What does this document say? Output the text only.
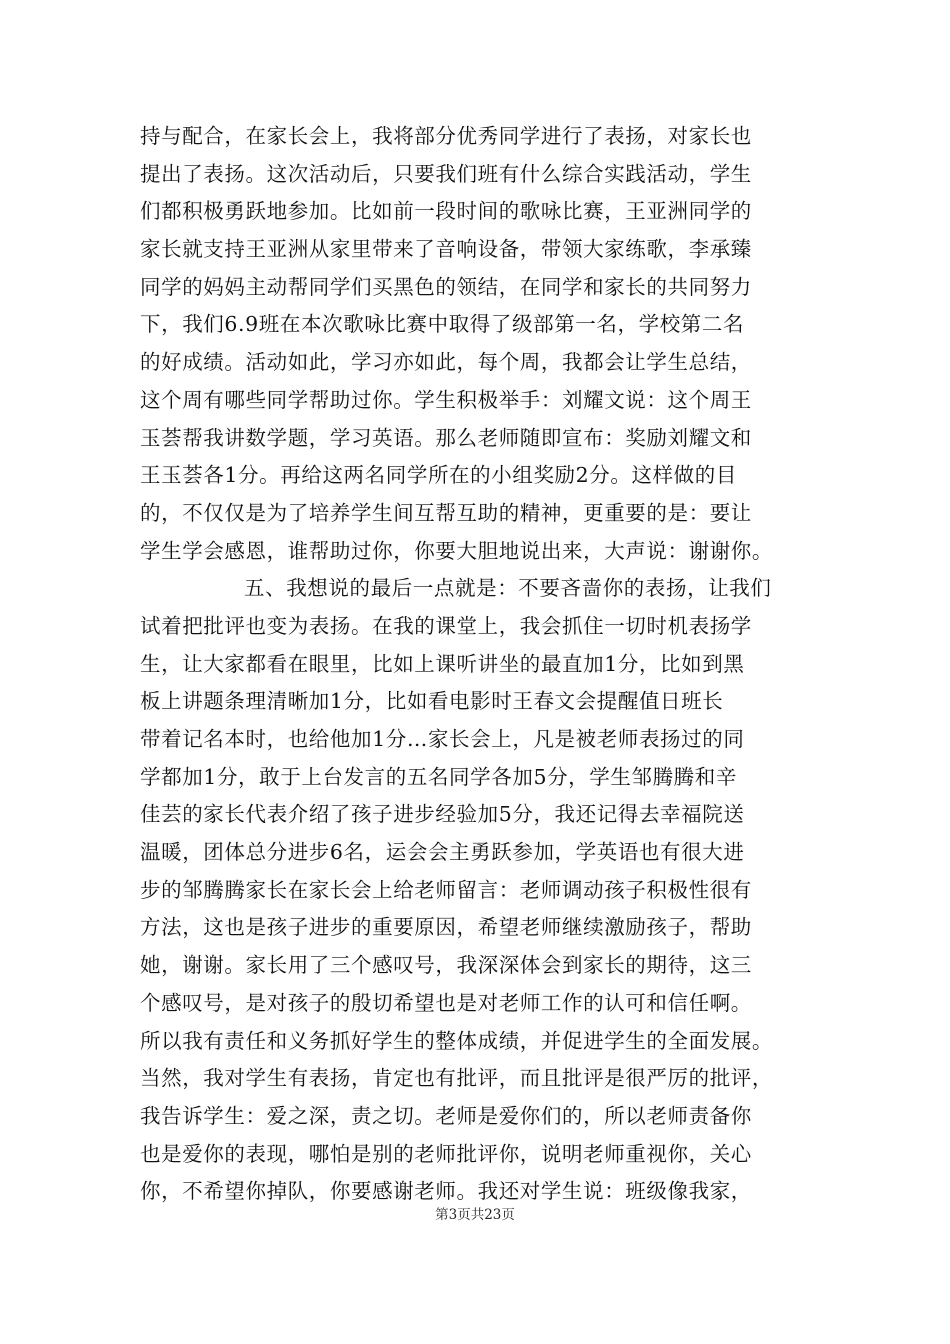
持与配合，在家长会上，我将部分优秀同学进行了表扬，对家长也
提出了表扬。这次活动后，只要我们班有什么综合实践活动，学生
们都积极勇跃地参加。比如前一段时间的歌咏比赛，王亚洲同学的
家长就支持王亚洲从家里带来了音响设备，带领大家练歌，李承臻
同学的妈妈主动帮同学们买黑色的领结，在同学和家长的共同努力
下，我们6.9班在本次歌咏比赛中取得了级部第一名，学校第二名
的好成绩。活动如此，学习亦如此，每个周，我都会让学生总结，
这个周有哪些同学帮助过你。学生积极举手：刘耀文说：这个周王
玉荟帮我讲数学题，学习英语。那么老师随即宣布：奖励刘耀文和
王玉荟各1分。再给这两名同学所在的小组奖励2分。这样做的目
的，不仅仅是为了培养学生间互帮互助的精神，更重要的是：要让
学生学会感恩，谁帮助过你，你要大胆地说出来，大声说：谢谢你。
五、我想说的最后一点就是：不要吝啬你的表扬，让我们
试着把批评也变为表扬。在我的课堂上，我会抓住一切时机表扬学
生，让大家都看在眼里，比如上课听讲坐的最直加1分，比如到黑
板上讲题条理清晰加1分，比如看电影时王春文会提醒值日班长
带着记名本时，也给他加1分…家长会上，凡是被老师表扬过的同
学都加1分，敢于上台发言的五名同学各加5分，学生邹腾腾和辛
佳芸的家长代表介绍了孩子进步经验加5分，我还记得去幸福院送
温暖，团体总分进步6名，运会会主勇跃参加，学英语也有很大进
步的邹腾腾家长在家长会上给老师留言：老师调动孩子积极性很有
方法，这也是孩子进步的重要原因，希望老师继续激励孩子，帮助
她，谢谢。家长用了三个感叹号，我深深体会到家长的期待，这三
个感叹号，是对孩子的殷切希望也是对老师工作的认可和信任啊。
所以我有责任和义务抓好学生的整体成绩，并促进学生的全面发展。
当然，我对学生有表扬，肯定也有批评，而且批评是很严厉的批评，
我告诉学生：爱之深，责之切。老师是爱你们的，所以老师责备你
也是爱你的表现，哪怕是别的老师批评你，说明老师重视你，关心
你，不希望你掉队，你要感谢老师。我还对学生说：班级像我家，
第3页共23页
